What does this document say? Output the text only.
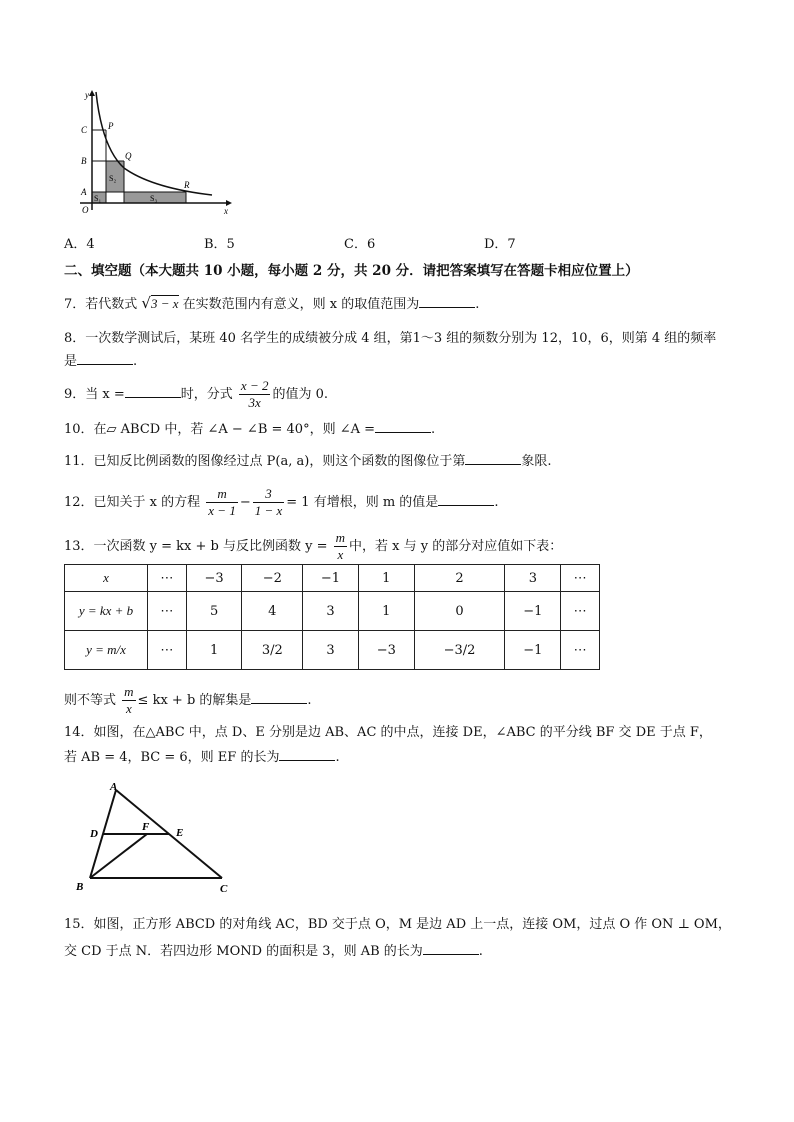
y
x
O
C
B
A
P
Q
R
S₁
S₂
S₃
A．4	B．5	C．6	D．7
二、填空题（本大题共 10 小题，每小题 2 分，共 20 分．请把答案填写在答题卡相应位置上）
7．若代数式 √3 − x 在实数范围内有意义，则 x 的取值范围为	.
8．一次数学测试后，某班 40 名学生的成绩被分成 4 组，第1～3 组的频数分别为 12，10，6，则第 4 组的频率
是	.
9．当 x =	时，分式 $\frac{x - 2}{3x}$ 的值为 0.
10．在▱ ABCD 中，若 ∠A − ∠B = 40°，则 ∠A =	.
11．已知反比例函数的图像经过点 P(a, a)，则这个函数的图像位于第	象限.
12．已知关于 x 的方程 $\frac{m}{x - 1} - \frac{3}{1 - x} = 1$ 有增根，则 m 的值是	.
13．一次函数 y = kx + b 与反比例函数 $y = \frac{m}{x}$ 中，若 x 与 y 的部分对应值如下表：
x	⋯	−3	−2	−1	1	2	3	⋯
y = kx + b	⋯	5	4	3	1	0	−1	⋯
y = m/x	⋯	1	3/2	3	−3	−3/2	−1	⋯
则不等式 $\frac{m}{x}$ ≤ kx + b 的解集是	.
14．如图，在△ABC 中，点 D、E 分别是边 AB、AC 的中点，连接 DE，∠ABC 的平分线 BF 交 DE 于点 F，
若 AB = 4，BC = 6，则 EF 的长为	.
A
D
F E
B	C
15．如图，正方形 ABCD 的对角线 AC，BD 交于点 O，M 是边 AD 上一点，连接 OM，过点 O 作 ON ⊥ OM，
交 CD 于点 N．若四边形 MOND 的面积是 3，则 AB 的长为	.
